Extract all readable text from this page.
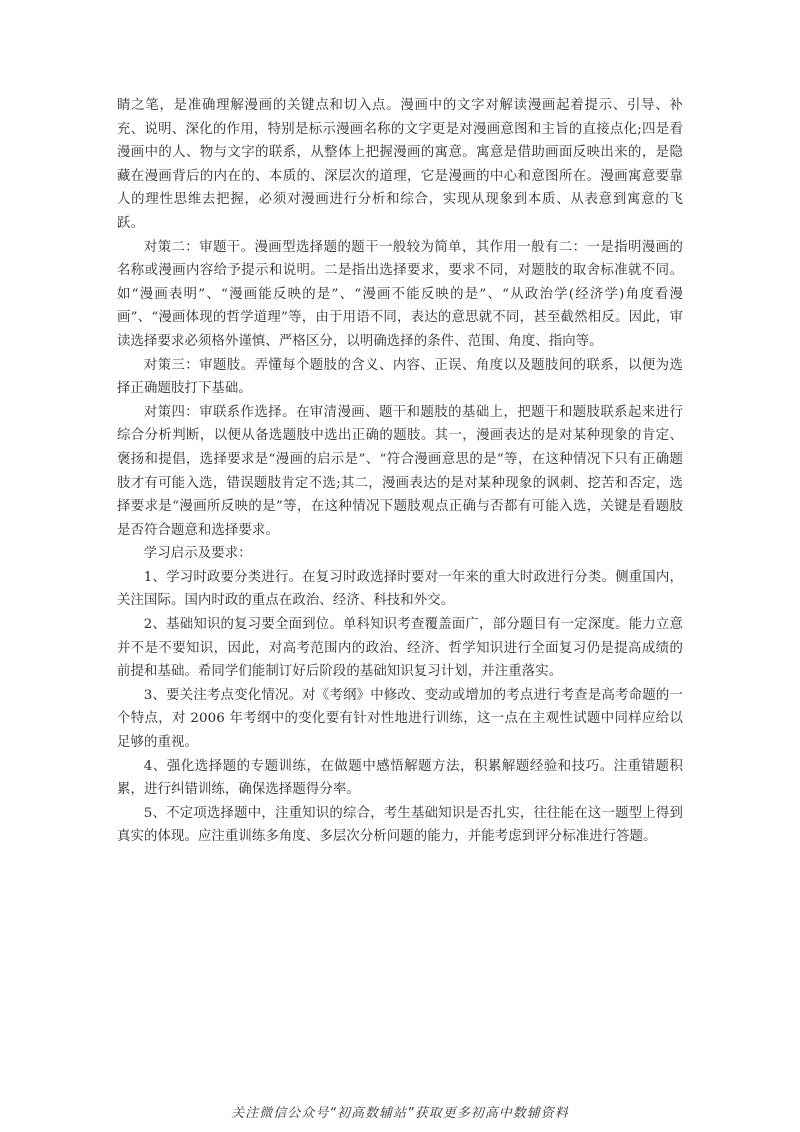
睛之笔，是准确理解漫画的关键点和切入点。漫画中的文字对解读漫画起着提示、引导、补充、说明、深化的作用，特别是标示漫画名称的文字更是对漫画意图和主旨的直接点化;四是看漫画中的人、物与文字的联系，从整体上把握漫画的寓意。寓意是借助画面反映出来的，是隐藏在漫画背后的内在的、本质的、深层次的道理，它是漫画的中心和意图所在。漫画寓意要靠人的理性思维去把握，必须对漫画进行分析和综合，实现从现象到本质、从表意到寓意的飞跃。

对策二：审题干。漫画型选择题的题干一般较为简单，其作用一般有二：一是指明漫画的名称或漫画内容给予提示和说明。二是指出选择要求，要求不同，对题肢的取舍标准就不同。如“漫画表明”、“漫画能反映的是”、“漫画不能反映的是”、“从政治学(经济学)角度看漫画”、“漫画体现的哲学道理”等，由于用语不同，表达的意思就不同，甚至截然相反。因此，审读选择要求必须格外谨慎、严格区分，以明确选择的条件、范围、角度、指向等。

对策三：审题肢。弄懂每个题肢的含义、内容、正误、角度以及题肢间的联系，以便为选择正确题肢打下基础。

对策四：审联系作选择。在审清漫画、题干和题肢的基础上，把题干和题肢联系起来进行综合分析判断，以便从备选题肢中选出正确的题肢。其一，漫画表达的是对某种现象的肯定、褒扬和提倡，选择要求是“漫画的启示是”、“符合漫画意思的是”等，在这种情况下只有正确题肢才有可能入选，错误题肢肯定不选;其二，漫画表达的是对某种现象的讽刺、挖苦和否定，选择要求是“漫画所反映的是”等，在这种情况下题肢观点正确与否都有可能入选，关键是看题肢是否符合题意和选择要求。

学习启示及要求：

1、学习时政要分类进行。在复习时政选择时要对一年来的重大时政进行分类。侧重国内，关注国际。国内时政的重点在政治、经济、科技和外交。

2、基础知识的复习要全面到位。单科知识考查覆盖面广，部分题目有一定深度。能力立意并不是不要知识，因此，对高考范围内的政治、经济、哲学知识进行全面复习仍是提高成绩的前提和基础。希同学们能制订好后阶段的基础知识复习计划，并注重落实。

3、要关注考点变化情况。对《考纲》中修改、变动或增加的考点进行考查是高考命题的一个特点，对 2006 年考纲中的变化要有针对性地进行训练，这一点在主观性试题中同样应给以足够的重视。

4、强化选择题的专题训练，在做题中感悟解题方法，积累解题经验和技巧。注重错题积累，进行纠错训练，确保选择题得分率。

5、不定项选择题中，注重知识的综合，考生基础知识是否扎实，往往能在这一题型上得到真实的体现。应注重训练多角度、多层次分析问题的能力，并能考虑到评分标准进行答题。

关注微信公众号“初高数辅站”获取更多初高中数辅资料
